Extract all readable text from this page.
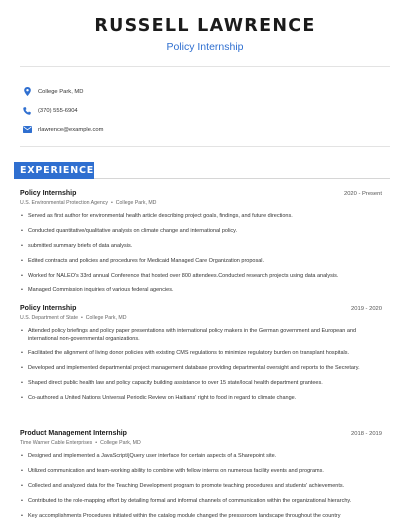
RUSSELL LAWRENCE
Policy Internship
College Park, MD
(370) 555-6904
rlawrence@example.com
EXPERIENCE
Policy Internship	2020 - Present
U.S. Environmental Protection Agency • College Park, MD
• Served as first author for environmental health article describing project goals, findings, and future directions.
• Conducted quantitative/qualitative analysis on climate change and international policy.
• submitted summary briefs of data analysis.
• Edited contracts and policies and procedures for Medicaid Managed Care Organization proposal.
• Worked for NALEO's 33rd annual Conference that hosted over 800 attendees.Conducted research projects using data analysis.
• Managed Commission inquiries of various federal agencies.
Policy Internship	2019 - 2020
U.S. Department of State • College Park, MD
• Attended policy briefings and policy paper presentations with international policy makers in the German government and European and international non-governmental organizations.
• Facilitated the alignment of living donor policies with existing CMS regulations to minimize regulatory burden on transplant hospitals.
• Developed and implemented departmental project management database providing departmental oversight and reports to the Secretary.
• Shaped direct public health law and policy capacity building assistance to over 15 state/local health department grantees.
• Co-authored a United Nations Universal Periodic Review on Haitians' right to food in regard to climate change.
Product Management Internship	2018 - 2019
Time Warner Cable Enterprises • College Park, MD
• Designed and implemented a JavaScript/jQuery user interface for certain aspects of a Sharepoint site.
• Utilized communication and team-working ability to combine with fellow interns on numerous facility events and programs.
• Collected and analyzed data for the Teaching Development program to promote teaching procedures and students' achievements.
• Contributed to the role-mapping effort by detailing formal and informal channels of communication within the organizational hierarchy.
• Key accomplishments Procedures initiated within the catalog module changed the presssroom landscape throughout the country
